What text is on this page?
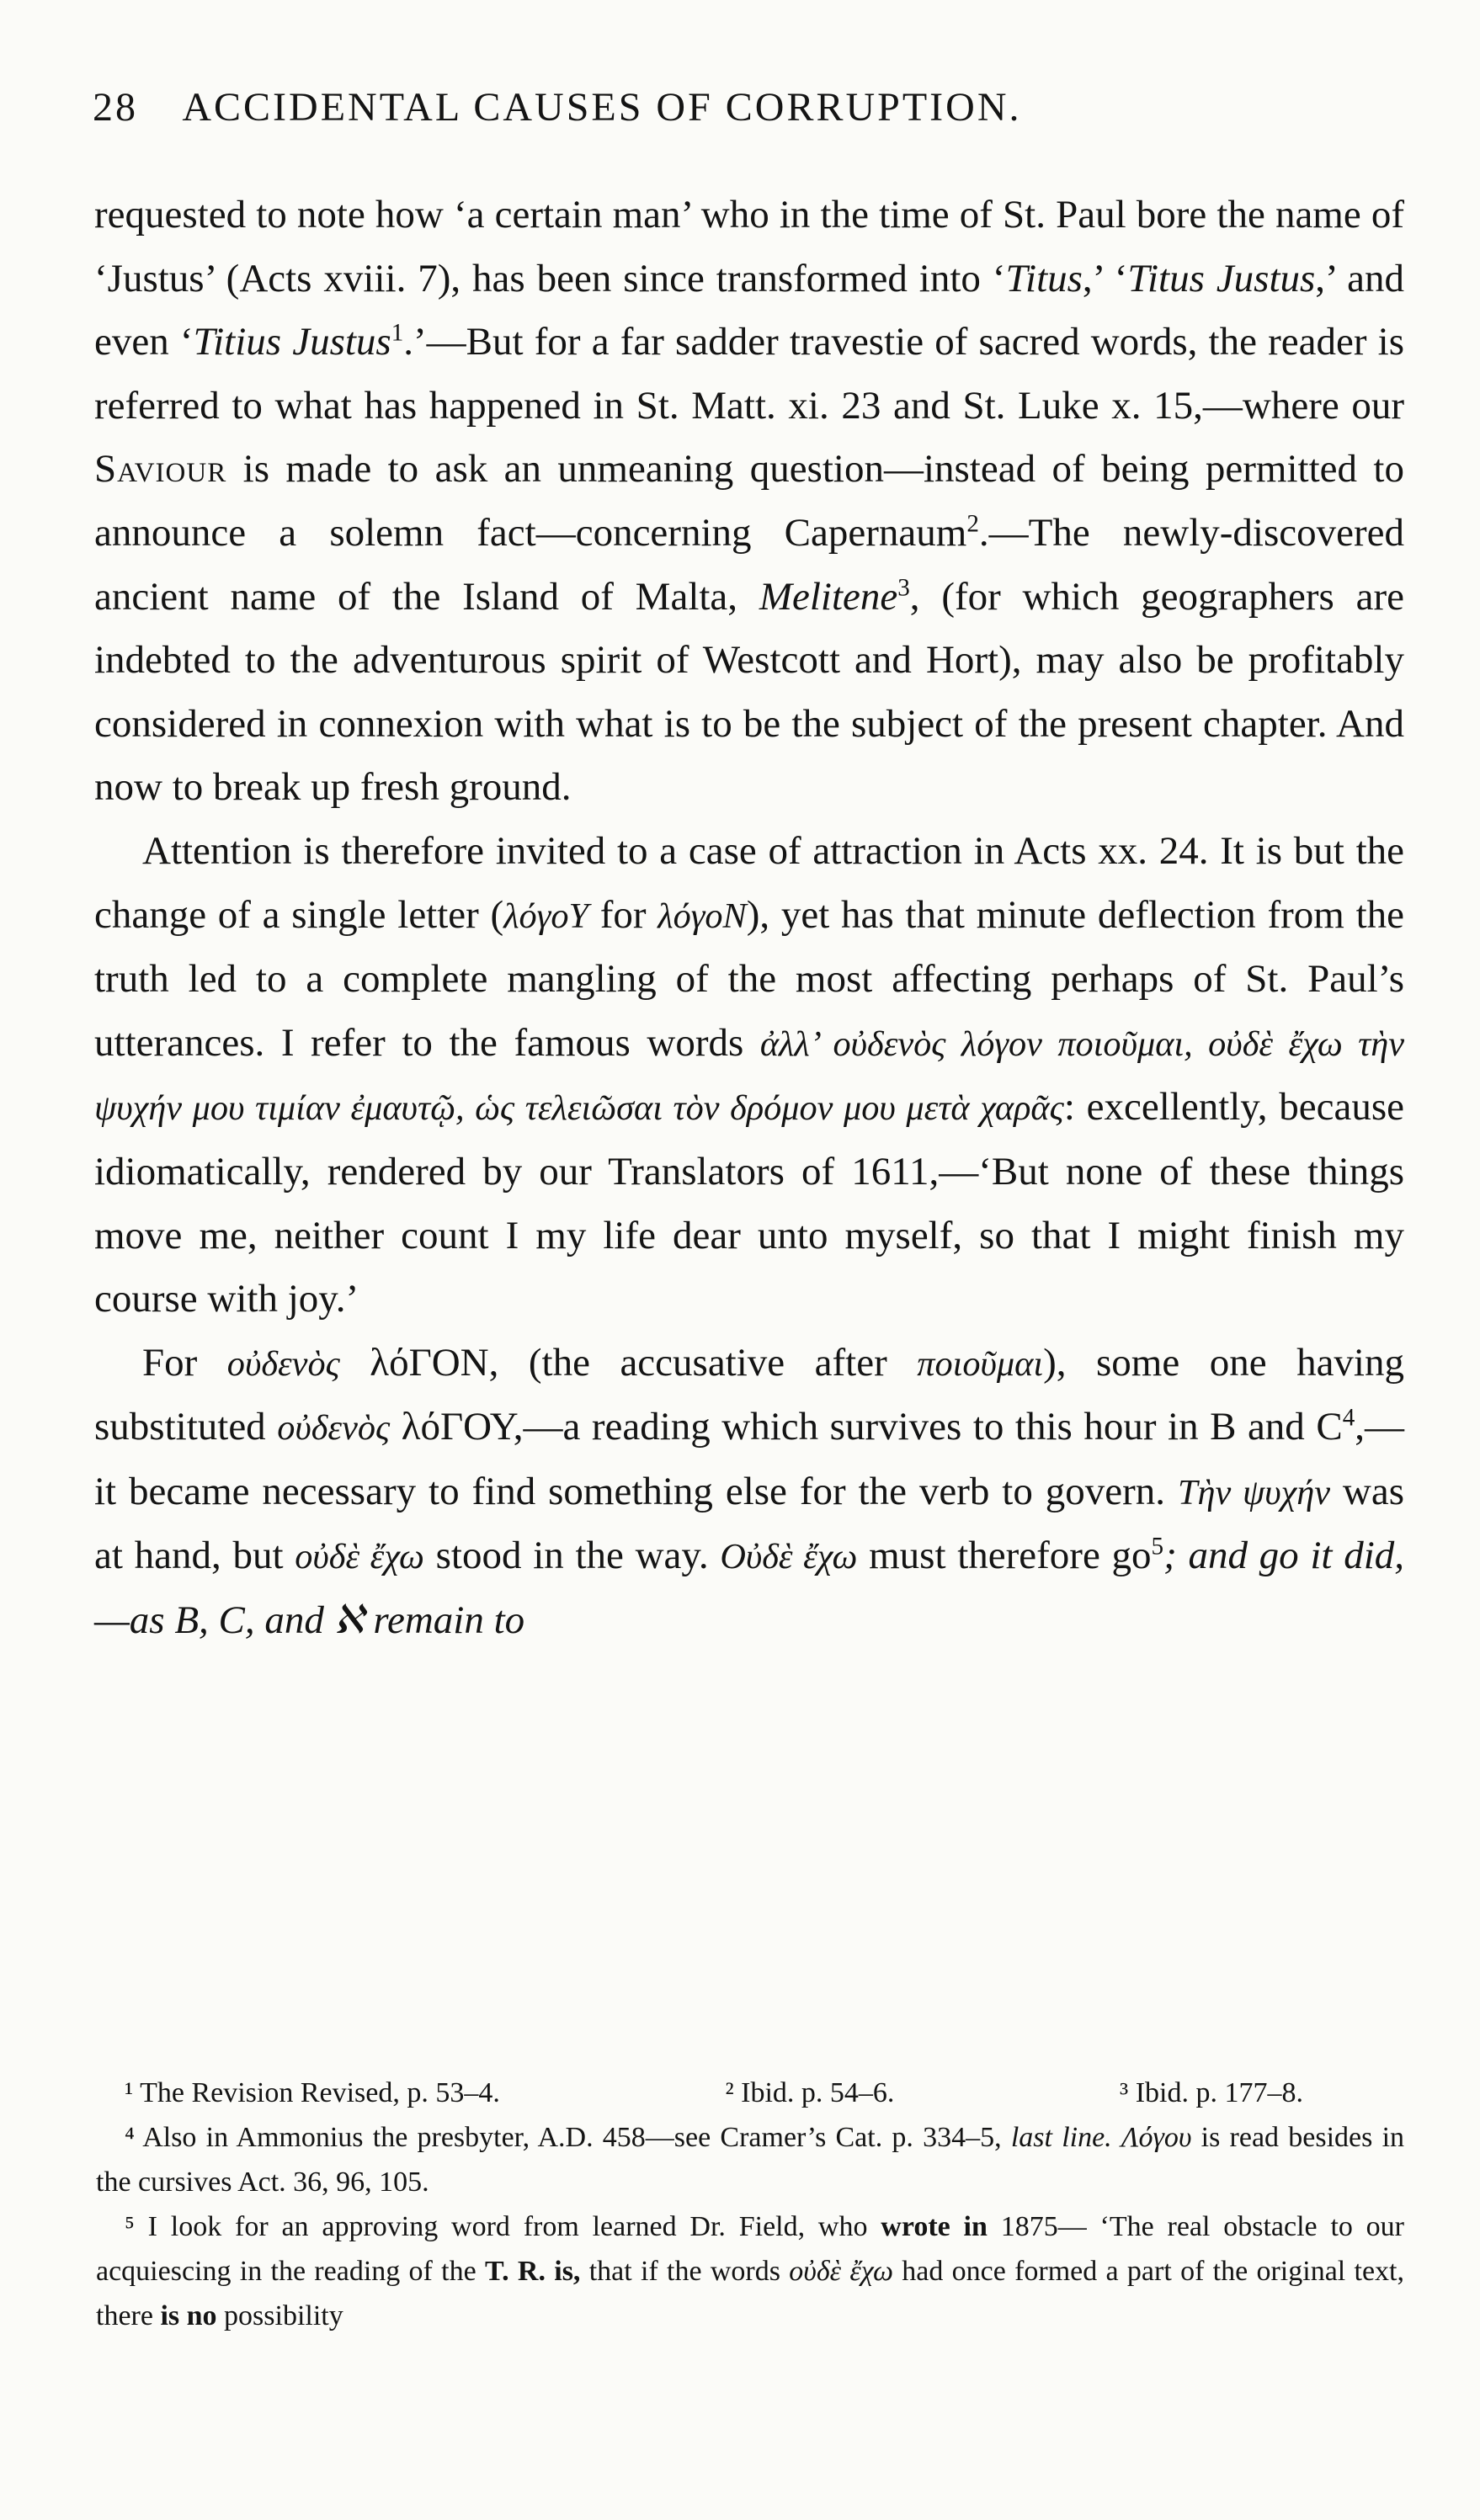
28 ACCIDENTAL CAUSES OF CORRUPTION.

requested to note how ‘a certain man’ who in the time of St. Paul bore the name of ‘Justus’ (Acts xviii. 7), has been since transformed into ‘Titus,’ ‘Titus Justus,’ and even ‘Titius Justus$^1$.’—But for a far sadder travestie of sacred words, the reader is referred to what has happened in St. Matt. xi. 23 and St. Luke x. 15,—where our Saviour is made to ask an unmeaning question—instead of being permitted to announce a solemn fact—concerning Capernaum$^2$.—The newly-discovered ancient name of the Island of Malta, Melitene$^3$, (for which geographers are indebted to the adventurous spirit of Westcott and Hort), may also be profitably considered in connexion with what is to be the subject of the present chapter. And now to break up fresh ground.

Attention is therefore invited to a case of attraction in Acts xx. 24. It is but the change of a single letter (λόγοΥ for λόγοΝ), yet has that minute deflection from the truth led to a complete mangling of the most affecting perhaps of St. Paul’s utterances. I refer to the famous words ἀλλ’ οὐδενὸς λόγον ποιοῦμαι, οὐδὲ ἔχω τὴν ψυχήν μου τιμίαν ἐμαυτῷ, ὡς τελειῶσαι τὸν δρόμον μου μετὰ χαρᾶς: excellently, because idiomatically, rendered by our Translators of 1611,—‘But none of these things move me, neither count I my life dear unto myself, so that I might finish my course with joy.’

For οὐδενὸς λόΓΟΝ, (the accusative after ποιοῦμαι), some one having substituted οὐδενὸς λόΓΟΥ,—a reading which survives to this hour in B and $C^4,—it$ became necessary to find something else for the verb to govern. Τὴν ψυχήν was at hand, but οὐδὲ ἔχω stood in the way. Οὐδὲ ἔχω must therefore $go^5$; and go it did,—as B, C, and ℵ remain to

¹ The Revision Revised, p. 53–4.	² Ibid. p. 54–6.	³ Ibid. p. 177–8.

⁴ Also in Ammonius the presbyter, A.D. 458—see Cramer’s Cat. p. 334–5, last line. Λόγου is read besides in the cursives Act. 36, 96, 105.

⁵ I look for an approving word from learned Dr. Field, who wrote in 1875— ‘The real obstacle to our acquiescing in the reading of the T. R. is, that if the words οὐδὲ ἔχω had once formed a part of the original text, there is no possibility
